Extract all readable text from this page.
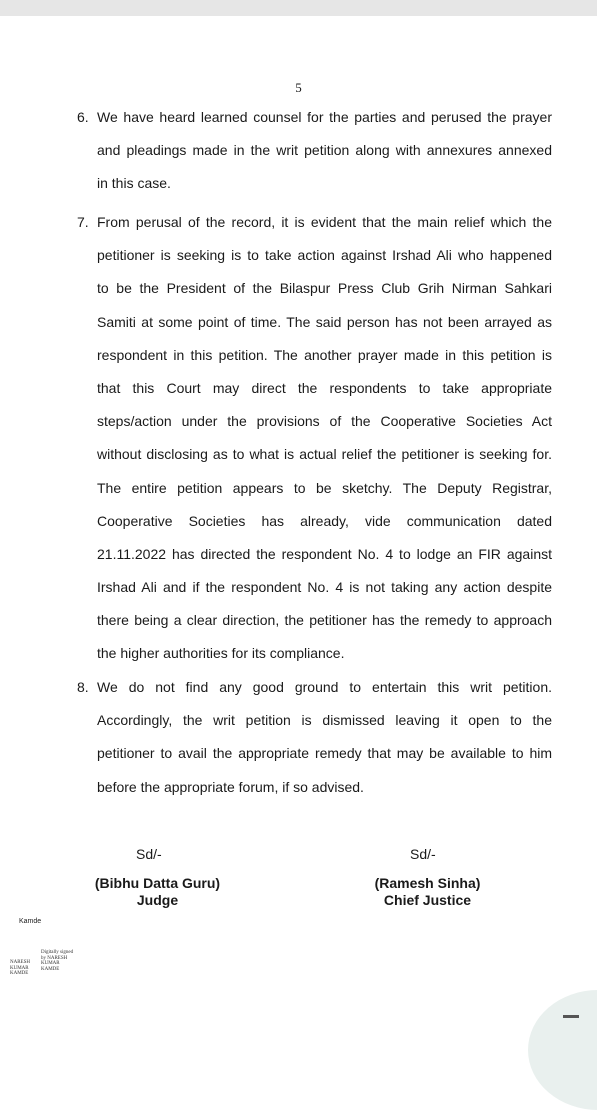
5
6. We have heard learned counsel for the parties and perused the prayer
and pleadings made in the writ petition along with annexures annexed
in this case.
7. From perusal of the record, it is evident that the main relief which the
petitioner is seeking is to take action against Irshad Ali who happened
to be the President of the Bilaspur Press Club Grih Nirman Sahkari
Samiti at some point of time. The said person has not been arrayed as
respondent in this petition. The another prayer made in this petition is
that this Court may direct the respondents to take appropriate
steps/action under the provisions of the Cooperative Societies Act
without disclosing as to what is actual relief the petitioner is seeking for.
The entire petition appears to be sketchy. The Deputy Registrar,
Cooperative Societies has already, vide communication dated
21.11.2022 has directed the respondent No. 4 to lodge an FIR against
Irshad Ali and if the respondent No. 4 is not taking any action despite
there being a clear direction, the petitioner has the remedy to approach
the higher authorities for its compliance.
8. We do not find any good ground to entertain this writ petition.
Accordingly, the writ petition is dismissed leaving it open to the
petitioner to avail the appropriate remedy that may be available to him
before the appropriate forum, if so advised.
Sd/-
(Bibhu Datta Guru)
Judge
Sd/-
(Ramesh Sinha)
Chief Justice
Kamde
NARESH KUMAR KAMDE
Digitally signed by NARESH KUMAR KAMDE
